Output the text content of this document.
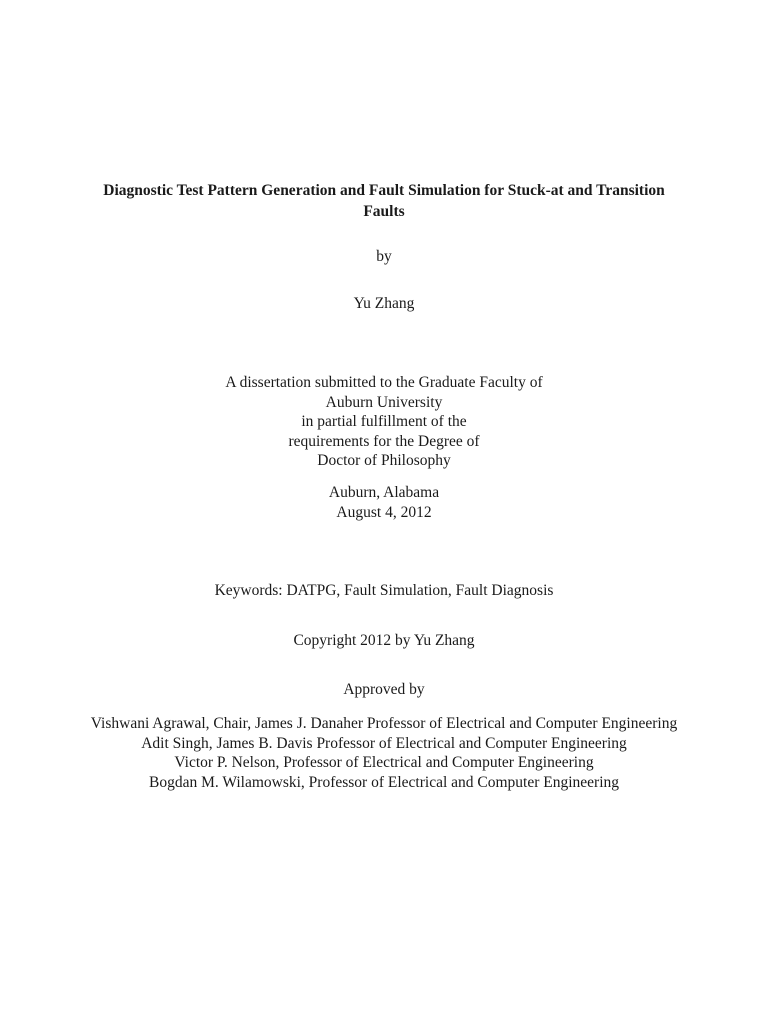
Diagnostic Test Pattern Generation and Fault Simulation for Stuck-at and Transition Faults
by
Yu Zhang
A dissertation submitted to the Graduate Faculty of
Auburn University
in partial fulfillment of the
requirements for the Degree of
Doctor of Philosophy
Auburn, Alabama
August 4, 2012
Keywords: DATPG, Fault Simulation, Fault Diagnosis
Copyright 2012 by Yu Zhang
Approved by
Vishwani Agrawal, Chair, James J. Danaher Professor of Electrical and Computer Engineering
Adit Singh, James B. Davis Professor of Electrical and Computer Engineering
Victor P. Nelson, Professor of Electrical and Computer Engineering
Bogdan M. Wilamowski, Professor of Electrical and Computer Engineering
